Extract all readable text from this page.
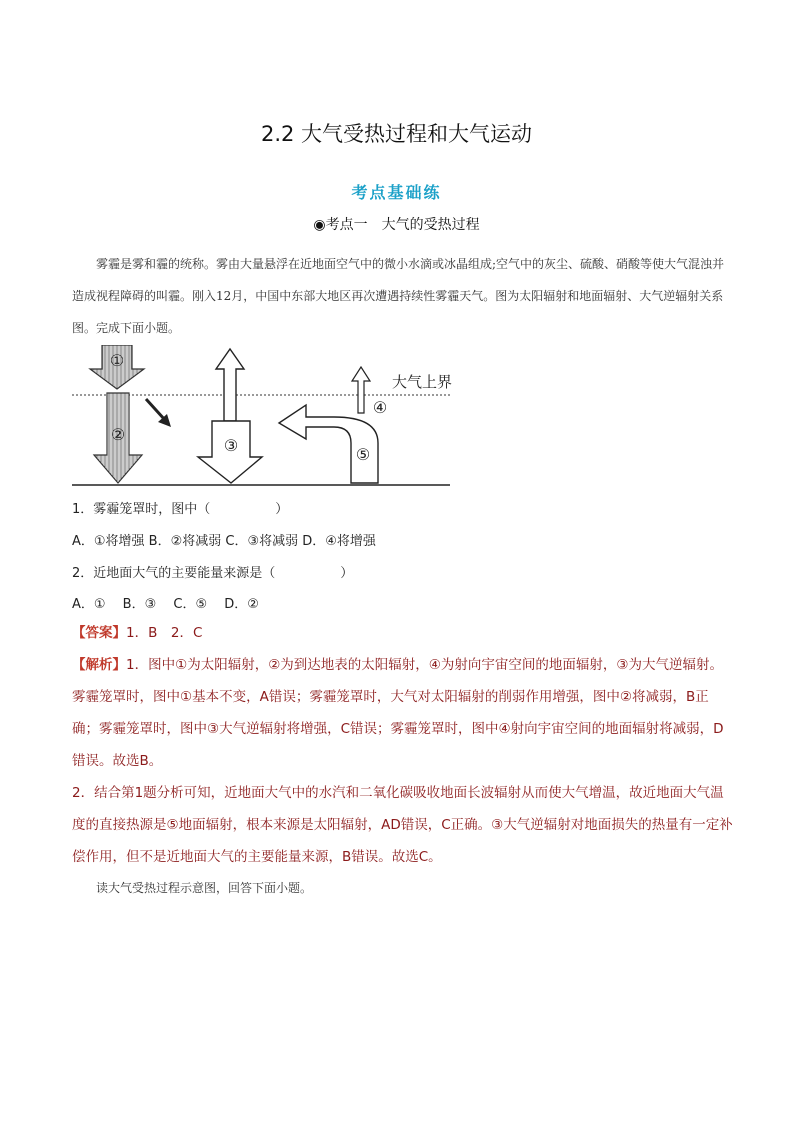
2.2 大气受热过程和大气运动
考点基础练
◉考点一　大气的受热过程

雾霾是雾和霾的统称。雾由大量悬浮在近地面空气中的微小水滴或冰晶组成;空气中的灰尘、硫酸、硝酸等使大气混浊并造成视程障碍的叫霾。刚入12月，中国中东部大地区再次遭遇持续性雾霾天气。图为太阳辐射和地面辐射、大气逆辐射关系图。完成下面小题。

①
②
③
④
⑤
大气上界

1．雾霾笼罩时，图中（　　　　　）

A．①将增强 B．②将减弱 C．③将减弱 D．④将增强

2．近地面大气的主要能量来源是（　　　　　）

A．①　 B．③　 C．⑤　 D．②

【答案】1．B　2．C

【解析】1．图中①为太阳辐射，②为到达地表的太阳辐射，④为射向宇宙空间的地面辐射，③为大气逆辐射。雾霾笼罩时，图中①基本不变，A错误；雾霾笼罩时，大气对太阳辐射的削弱作用增强，图中②将减弱，B正确；雾霾笼罩时，图中③大气逆辐射将增强，C错误；雾霾笼罩时，图中④射向宇宙空间的地面辐射将减弱，D错误。故选B。

2．结合第1题分析可知，近地面大气中的水汽和二氧化碳吸收地面长波辐射从而使大气增温，故近地面大气温度的直接热源是⑤地面辐射，根本来源是太阳辐射，AD错误，C正确。③大气逆辐射对地面损失的热量有一定补偿作用，但不是近地面大气的主要能量来源，B错误。故选C。

读大气受热过程示意图，回答下面小题。
